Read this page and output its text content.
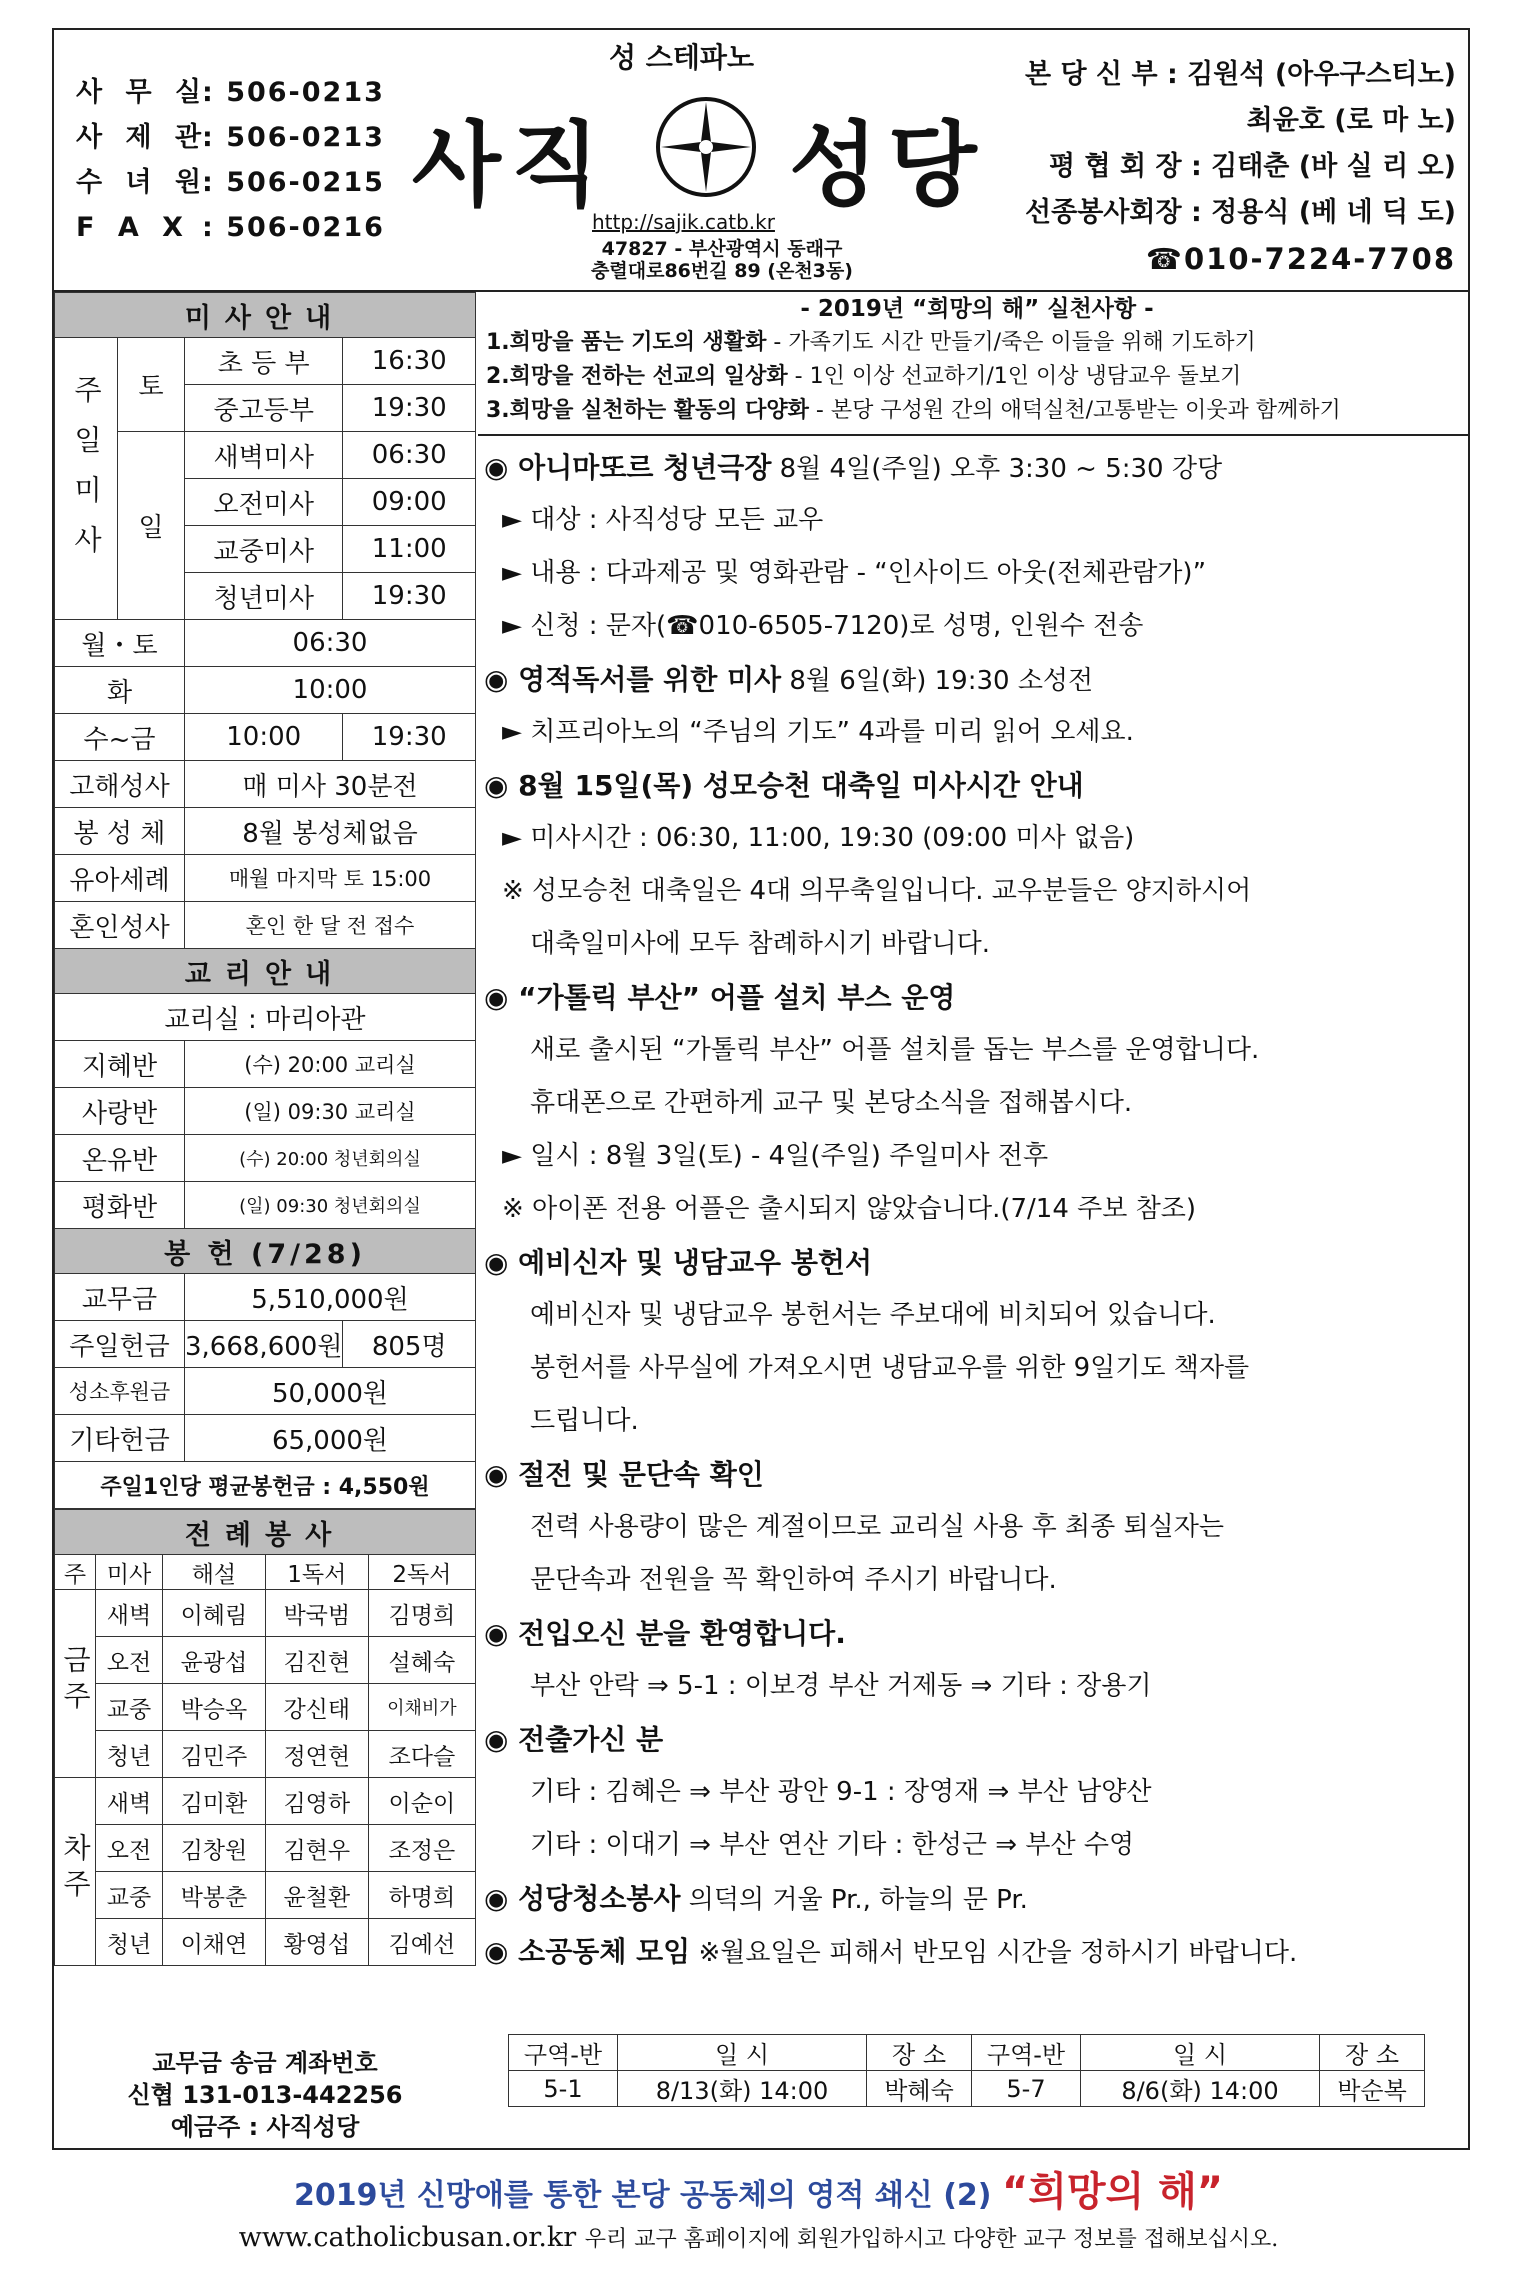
사 무 실: 506-0213
사 제 관: 506-0213
수 녀 원: 506-0215
F A X : 506-0216
성 스테파노
사직 성당
http://sajik.catb.kr
47827 - 부산광역시 동래구
충렬대로86번길 89 (온천3동)
본 당 신 부 : 김원석 (아우구스티노)
최윤호 (로 마 노)
평 협 회 장 : 김태춘 (바 실 리 오)
선종봉사회장 : 정용식 (베 네 딕 도)
☎010-7224-7708
미사안내			
주일미사	토	초 등 부	16:30
		중고등부	19:30
	일	새벽미사	06:30
		오전미사	09:00
		교중미사	11:00
		청년미사	19:30
월・토		06:30	
화		10:00	
수~금		10:00	19:30
고해성사		매 미사 30분전	
봉 성 체		8월 봉성체없음	
유아세례		매월 마지막 토 15:00	
혼인성사		혼인 한 달 전 접수	
교리안내			
교리실 : 마리아관			
지혜반		(수) 20:00 교리실	
사랑반		(일) 09:30 교리실	
온유반		(수) 20:00 청년회의실	
평화반		(일) 09:30 청년회의실	
봉 헌 (7/28)			
교무금		5,510,000원	
주일헌금		3,668,600원	805명
성소후원금		50,000원	
기타헌금		65,000원	
주일1인당 평균봉헌금 : 4,550원			
전례봉사				
주	미사	해설	1독서	2독서
금주	새벽	이혜림	박국범	김명희
	오전	윤광섭	김진현	설혜숙
	교중	박승옥	강신태	이채비가
	청년	김민주	정연현	조다슬
차주	새벽	김미환	김영하	이순이
	오전	김창원	김현우	조정은
	교중	박봉춘	윤철환	하명희
	청년	이채연	황영섭	김예선
교무금 송금 계좌번호
신협 131-013-442256
예금주 : 사직성당
- 2019년 “희망의 해” 실천사항 -
1.희망을 품는 기도의 생활화 - 가족기도 시간 만들기/죽은 이들을 위해 기도하기
2.희망을 전하는 선교의 일상화 - 1인 이상 선교하기/1인 이상 냉담교우 돌보기
3.희망을 실천하는 활동의 다양화 - 본당 구성원 간의 애덕실천/고통받는 이웃과 함께하기
◉ 아니마또르 청년극장 8월 4일(주일) 오후 3:30 ~ 5:30 강당
► 대상 : 사직성당 모든 교우
► 내용 : 다과제공 및 영화관람 - “인사이드 아웃(전체관람가)”
► 신청 : 문자(☎010-6505-7120)로 성명, 인원수 전송
◉ 영적독서를 위한 미사 8월 6일(화) 19:30 소성전
► 치프리아노의 “주님의 기도” 4과를 미리 읽어 오세요.
◉ 8월 15일(목) 성모승천 대축일 미사시간 안내
► 미사시간 : 06:30, 11:00, 19:30 (09:00 미사 없음)
※ 성모승천 대축일은 4대 의무축일입니다. 교우분들은 양지하시어
대축일미사에 모두 참례하시기 바랍니다.
◉ “가톨릭 부산” 어플 설치 부스 운영
새로 출시된 “가톨릭 부산” 어플 설치를 돕는 부스를 운영합니다.
휴대폰으로 간편하게 교구 및 본당소식을 접해봅시다.
► 일시 : 8월 3일(토) - 4일(주일) 주일미사 전후
※ 아이폰 전용 어플은 출시되지 않았습니다.(7/14 주보 참조)
◉ 예비신자 및 냉담교우 봉헌서
예비신자 및 냉담교우 봉헌서는 주보대에 비치되어 있습니다.
봉헌서를 사무실에 가져오시면 냉담교우를 위한 9일기도 책자를
드립니다.
◉ 절전 및 문단속 확인
전력 사용량이 많은 계절이므로 교리실 사용 후 최종 퇴실자는
문단속과 전원을 꼭 확인하여 주시기 바랍니다.
◉ 전입오신 분을 환영합니다.
부산 안락 ⇒ 5-1 : 이보경 부산 거제동 ⇒ 기타 : 장용기
◉ 전출가신 분
기타 : 김혜은 ⇒ 부산 광안 9-1 : 장영재 ⇒ 부산 남양산
기타 : 이대기 ⇒ 부산 연산 기타 : 한성근 ⇒ 부산 수영
◉ 성당청소봉사 의덕의 거울 Pr., 하늘의 문 Pr.
◉ 소공동체 모임 ※월요일은 피해서 반모임 시간을 정하시기 바랍니다.
구역-반	일 시	장 소	구역-반	일 시	장 소
5-1	8/13(화) 14:00	박혜숙	5-7	8/6(화) 14:00	박순복
2019년 신망애를 통한 본당 공동체의 영적 쇄신 (2) “희망의 해”
www.catholicbusan.or.kr 우리 교구 홈페이지에 회원가입하시고 다양한 교구 정보를 접해보십시오.
